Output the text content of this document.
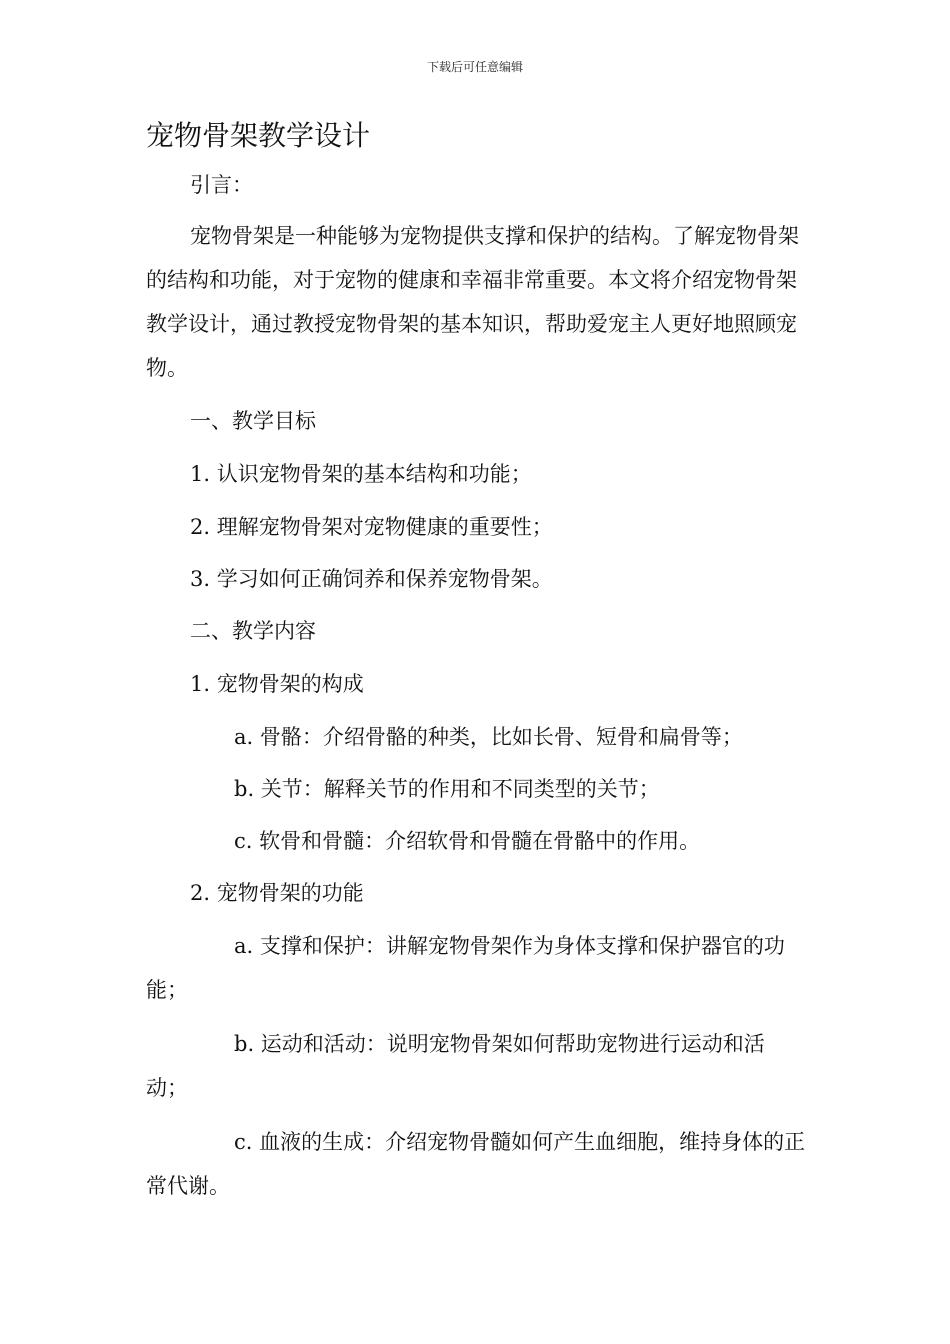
下载后可任意编辑
宠物骨架教学设计

引言：

宠物骨架是一种能够为宠物提供支撑和保护的结构。了解宠物骨架的结构和功能，对于宠物的健康和幸福非常重要。本文将介绍宠物骨架教学设计，通过教授宠物骨架的基本知识，帮助爱宠主人更好地照顾宠物。

一、教学目标

1. 认识宠物骨架的基本结构和功能；

2. 理解宠物骨架对宠物健康的重要性；

3. 学习如何正确饲养和保养宠物骨架。

二、教学内容

1. 宠物骨架的构成

a. 骨骼：介绍骨骼的种类，比如长骨、短骨和扁骨等；

b. 关节：解释关节的作用和不同类型的关节；

c. 软骨和骨髓：介绍软骨和骨髓在骨骼中的作用。

2. 宠物骨架的功能

a. 支撑和保护：讲解宠物骨架作为身体支撑和保护器官的功能；

b. 运动和活动：说明宠物骨架如何帮助宠物进行运动和活动；

c. 血液的生成：介绍宠物骨髓如何产生血细胞，维持身体的正常代谢。
